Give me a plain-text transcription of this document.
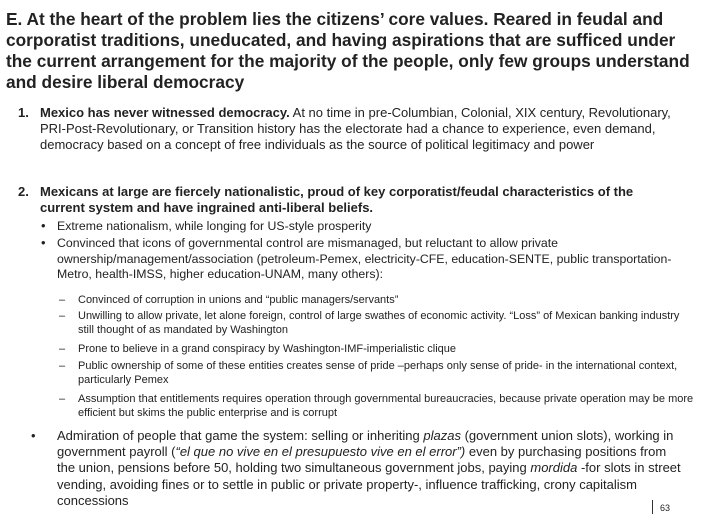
E. At the heart of the problem lies the citizens’ core values. Reared in feudal and corporatist traditions, uneducated, and having aspirations that are sufficed under the current arrangement for the majority of the people, only few groups understand and desire liberal democracy
1. Mexico has never witnessed democracy. At no time in pre-Columbian, Colonial, XIX century, Revolutionary, PRI-Post-Revolutionary, or Transition history has the electorate had a chance to experience, even demand, democracy based on a concept of free individuals as the source of political legitimacy and power
2. Mexicans at large are fiercely nationalistic, proud of key corporatist/feudal characteristics of the current system and have ingrained anti-liberal beliefs.
• Extreme nationalism, while longing for US-style prosperity
• Convinced that icons of governmental control are mismanaged, but reluctant to allow private ownership/management/association (petroleum-Pemex, electricity-CFE, education-SENTE, public transportation-Metro, health-IMSS, higher education-UNAM, many others):
– Convinced of corruption in unions and “public managers/servants”
– Unwilling to allow private, let alone foreign, control of large swathes of economic activity. “Loss” of Mexican banking industry still thought of as mandated by Washington
– Prone to believe in a grand conspiracy by Washington-IMF-imperialistic clique
– Public ownership of some of these entities creates sense of pride –perhaps only sense of pride- in the international context, particularly Pemex
– Assumption that entitlements requires operation through governmental bureaucracies, because private operation may be more efficient but skims the public enterprise and is corrupt
• Admiration of people that game the system: selling or inheriting plazas (government union slots), working in government payroll (“el que no vive en el presupuesto vive en el error”) even by purchasing positions from the union, pensions before 50, holding two simultaneous government jobs, paying mordida -for slots in street vending, avoiding fines or to settle in public or private property-, influence trafficking, crony capitalism concessions
63
